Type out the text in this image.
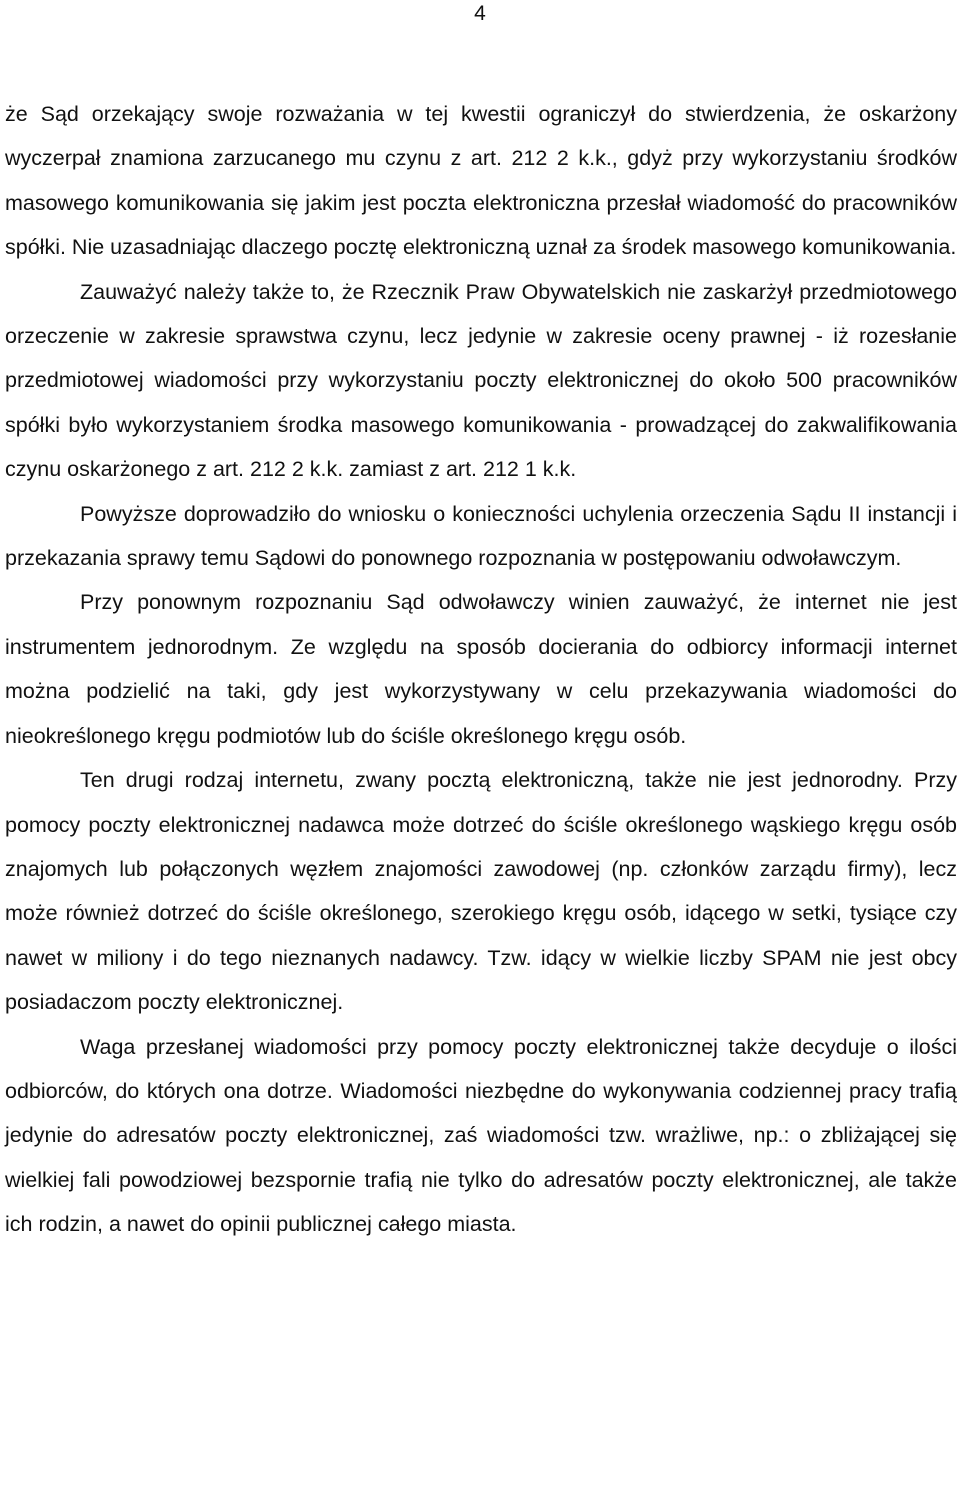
4

że Sąd orzekający swoje rozważania w tej kwestii ograniczył do stwierdzenia, że oskarżony wyczerpał znamiona zarzucanego mu czynu z art. 212 2 k.k., gdyż przy wykorzystaniu środków masowego komunikowania się jakim jest poczta elektroniczna przesłał wiadomość do pracowników spółki. Nie uzasadniając dlaczego pocztę elektroniczną uznał za środek masowego komunikowania.

Zauważyć należy także to, że Rzecznik Praw Obywatelskich nie zaskarżył przedmiotowego orzeczenie w zakresie sprawstwa czynu, lecz jedynie w zakresie oceny prawnej - iż rozesłanie przedmiotowej wiadomości przy wykorzystaniu poczty elektronicznej do około 500 pracowników spółki było wykorzystaniem środka masowego komunikowania - prowadzącej do zakwalifikowania czynu oskarżonego z art. 212 2 k.k. zamiast z art. 212 1 k.k.

Powyższe doprowadziło do wniosku o konieczności uchylenia orzeczenia Sądu II instancji i przekazania sprawy temu Sądowi do ponownego rozpoznania w postępowaniu odwoławczym.

Przy ponownym rozpoznaniu Sąd odwoławczy winien zauważyć, że internet nie jest instrumentem jednorodnym. Ze względu na sposób docierania do odbiorcy informacji internet można podzielić na taki, gdy jest wykorzystywany w celu przekazywania wiadomości do nieokreślonego kręgu podmiotów lub do ściśle określonego kręgu osób.

Ten drugi rodzaj internetu, zwany pocztą elektroniczną, także nie jest jednorodny. Przy pomocy poczty elektronicznej nadawca może dotrzeć do ściśle określonego wąskiego kręgu osób znajomych lub połączonych węzłem znajomości zawodowej (np. członków zarządu firmy), lecz może również dotrzeć do ściśle określonego, szerokiego kręgu osób, idącego w setki, tysiące czy nawet w miliony i do tego nieznanych nadawcy. Tzw. idący w wielkie liczby SPAM nie jest obcy posiadaczom poczty elektronicznej.

Waga przesłanej wiadomości przy pomocy poczty elektronicznej także decyduje o ilości odbiorców, do których ona dotrze. Wiadomości niezbędne do wykonywania codziennej pracy trafią jedynie do adresatów poczty elektronicznej, zaś wiadomości tzw. wrażliwe, np.: o zbliżającej się wielkiej fali powodziowej bezspornie trafią nie tylko do adresatów poczty elektronicznej, ale także ich rodzin, a nawet do opinii publicznej całego miasta.
